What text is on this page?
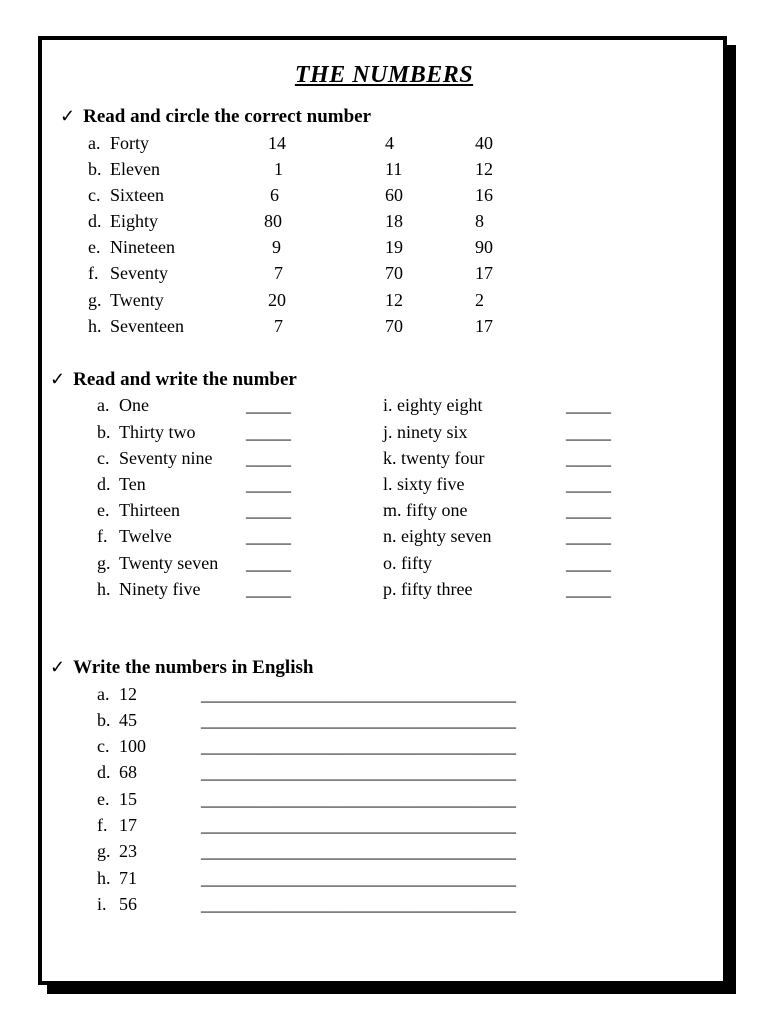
THE NUMBERS
✓ Read and circle the correct number
a. Forty	14	4	40
b. Eleven	1	11	12
c. Sixteen	6	60	16
d. Eighty	80	18	8
e. Nineteen	9	19	90
f. Seventy	7	70	17
g. Twenty	20	12	2
h. Seventeen	7	70	17
✓ Read and write the number
a. One	_____	i. eighty eight	_____
b. Thirty two	_____	j. ninety six	_____
c. Seventy nine _____	k. twenty four	_____
d. Ten	_____	l. sixty five	_____
e. Thirteen	_____	m. fifty one	_____
f. Twelve	_____	n. eighty seven	_____
g. Twenty seven _____	o. fifty	_____
h. Ninety five	_____	p. fifty three	_____
✓ Write the numbers in English
a. 12	___________________________________
b. 45	___________________________________
c. 100	___________________________________
d. 68	___________________________________
e. 15	___________________________________
f. 17	___________________________________
g. 23	___________________________________
h. 71	___________________________________
i. 56	___________________________________
